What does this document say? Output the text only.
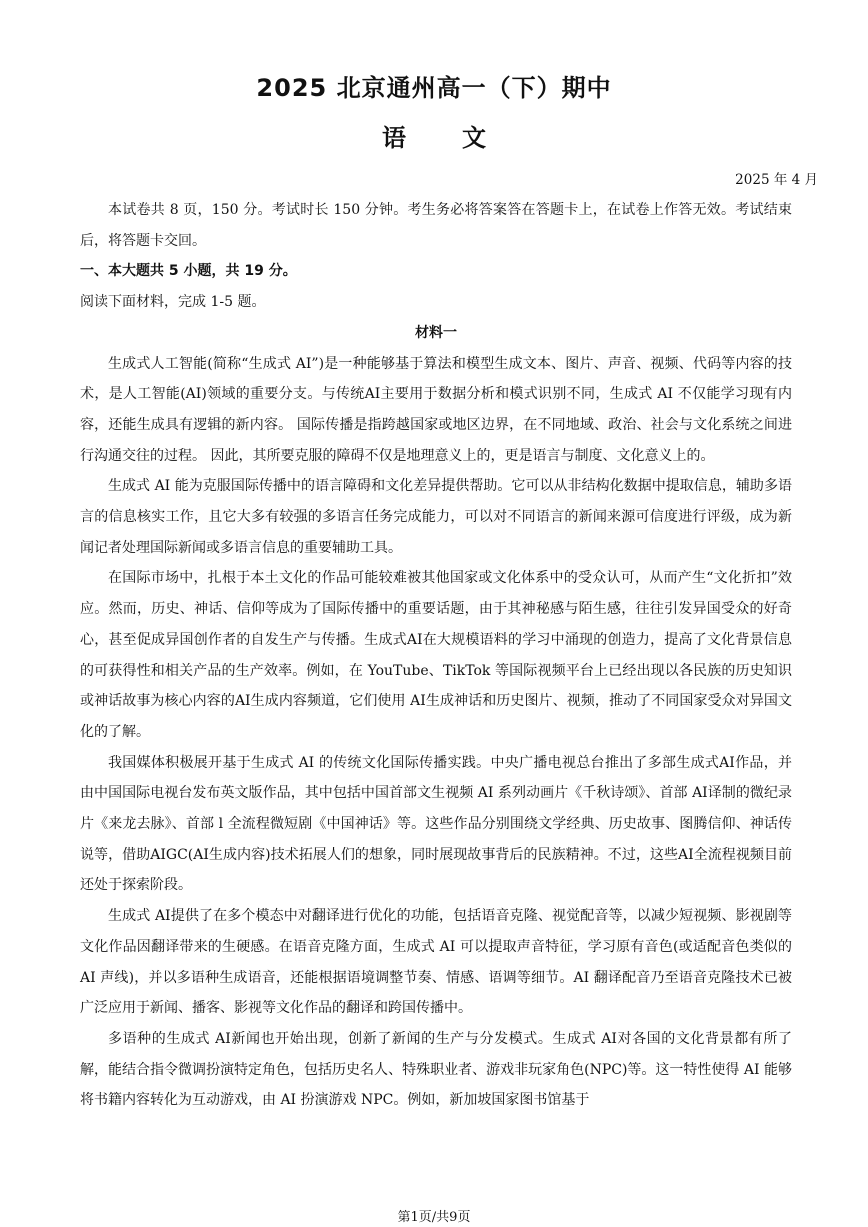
2025 北京通州高一（下）期中
语文
2025 年 4 月

本试卷共 8 页，150 分。考试时长 150 分钟。考生务必将答案答在答题卡上，在试卷上作答无效。考试结束后，将答题卡交回。

一、本大题共 5 小题，共 19 分。

阅读下面材料，完成 1-5 题。

材料一

生成式人工智能(简称“生成式 AI”)是一种能够基于算法和模型生成文本、图片、声音、视频、代码等内容的技术，是人工智能(AI)领域的重要分支。与传统AI主要用于数据分析和模式识别不同，生成式 AI 不仅能学习现有内容，还能生成具有逻辑的新内容。 国际传播是指跨越国家或地区边界，在不同地域、政治、社会与文化系统之间进行沟通交往的过程。 因此，其所要克服的障碍不仅是地理意义上的，更是语言与制度、文化意义上的。

生成式 AI 能为克服国际传播中的语言障碍和文化差异提供帮助。它可以从非结构化数据中提取信息，辅助多语言的信息核实工作，且它大多有较强的多语言任务完成能力，可以对不同语言的新闻来源可信度进行评级，成为新闻记者处理国际新闻或多语言信息的重要辅助工具。

在国际市场中，扎根于本土文化的作品可能较难被其他国家或文化体系中的受众认可，从而产生“文化折扣”效应。然而，历史、神话、信仰等成为了国际传播中的重要话题，由于其神秘感与陌生感，往往引发异国受众的好奇心，甚至促成异国创作者的自发生产与传播。生成式AI在大规模语料的学习中涌现的创造力，提高了文化背景信息的可获得性和相关产品的生产效率。例如，在 YouTube、TikTok 等国际视频平台上已经出现以各民族的历史知识或神话故事为核心内容的AI生成内容频道，它们使用 AI生成神话和历史图片、视频，推动了不同国家受众对异国文化的了解。

我国媒体积极展开基于生成式 AI 的传统文化国际传播实践。中央广播电视总台推出了多部生成式AI作品，并由中国国际电视台发布英文版作品，其中包括中国首部文生视频 AI 系列动画片《千秋诗颂》、首部 AI译制的微纪录片《来龙去脉》、首部 l 全流程微短剧《中国神话》等。这些作品分别围绕文学经典、历史故事、图腾信仰、神话传说等，借助AIGC(AI生成内容)技术拓展人们的想象，同时展现故事背后的民族精神。不过，这些AI全流程视频目前还处于探索阶段。

生成式 AI提供了在多个模态中对翻译进行优化的功能，包括语音克隆、视觉配音等，以减少短视频、影视剧等文化作品因翻译带来的生硬感。在语音克隆方面，生成式 AI 可以提取声音特征，学习原有音色(或适配音色类似的 AI 声线)，并以多语种生成语音，还能根据语境调整节奏、情感、语调等细节。AI 翻译配音乃至语音克隆技术已被广泛应用于新闻、播客、影视等文化作品的翻译和跨国传播中。

多语种的生成式 AI新闻也开始出现，创新了新闻的生产与分发模式。生成式 AI对各国的文化背景都有所了解，能结合指令微调扮演特定角色，包括历史名人、特殊职业者、游戏非玩家角色(NPC)等。这一特性使得 AI 能够将书籍内容转化为互动游戏，由 AI 扮演游戏 NPC。例如，新加坡国家图书馆基于

第1页/共9页
